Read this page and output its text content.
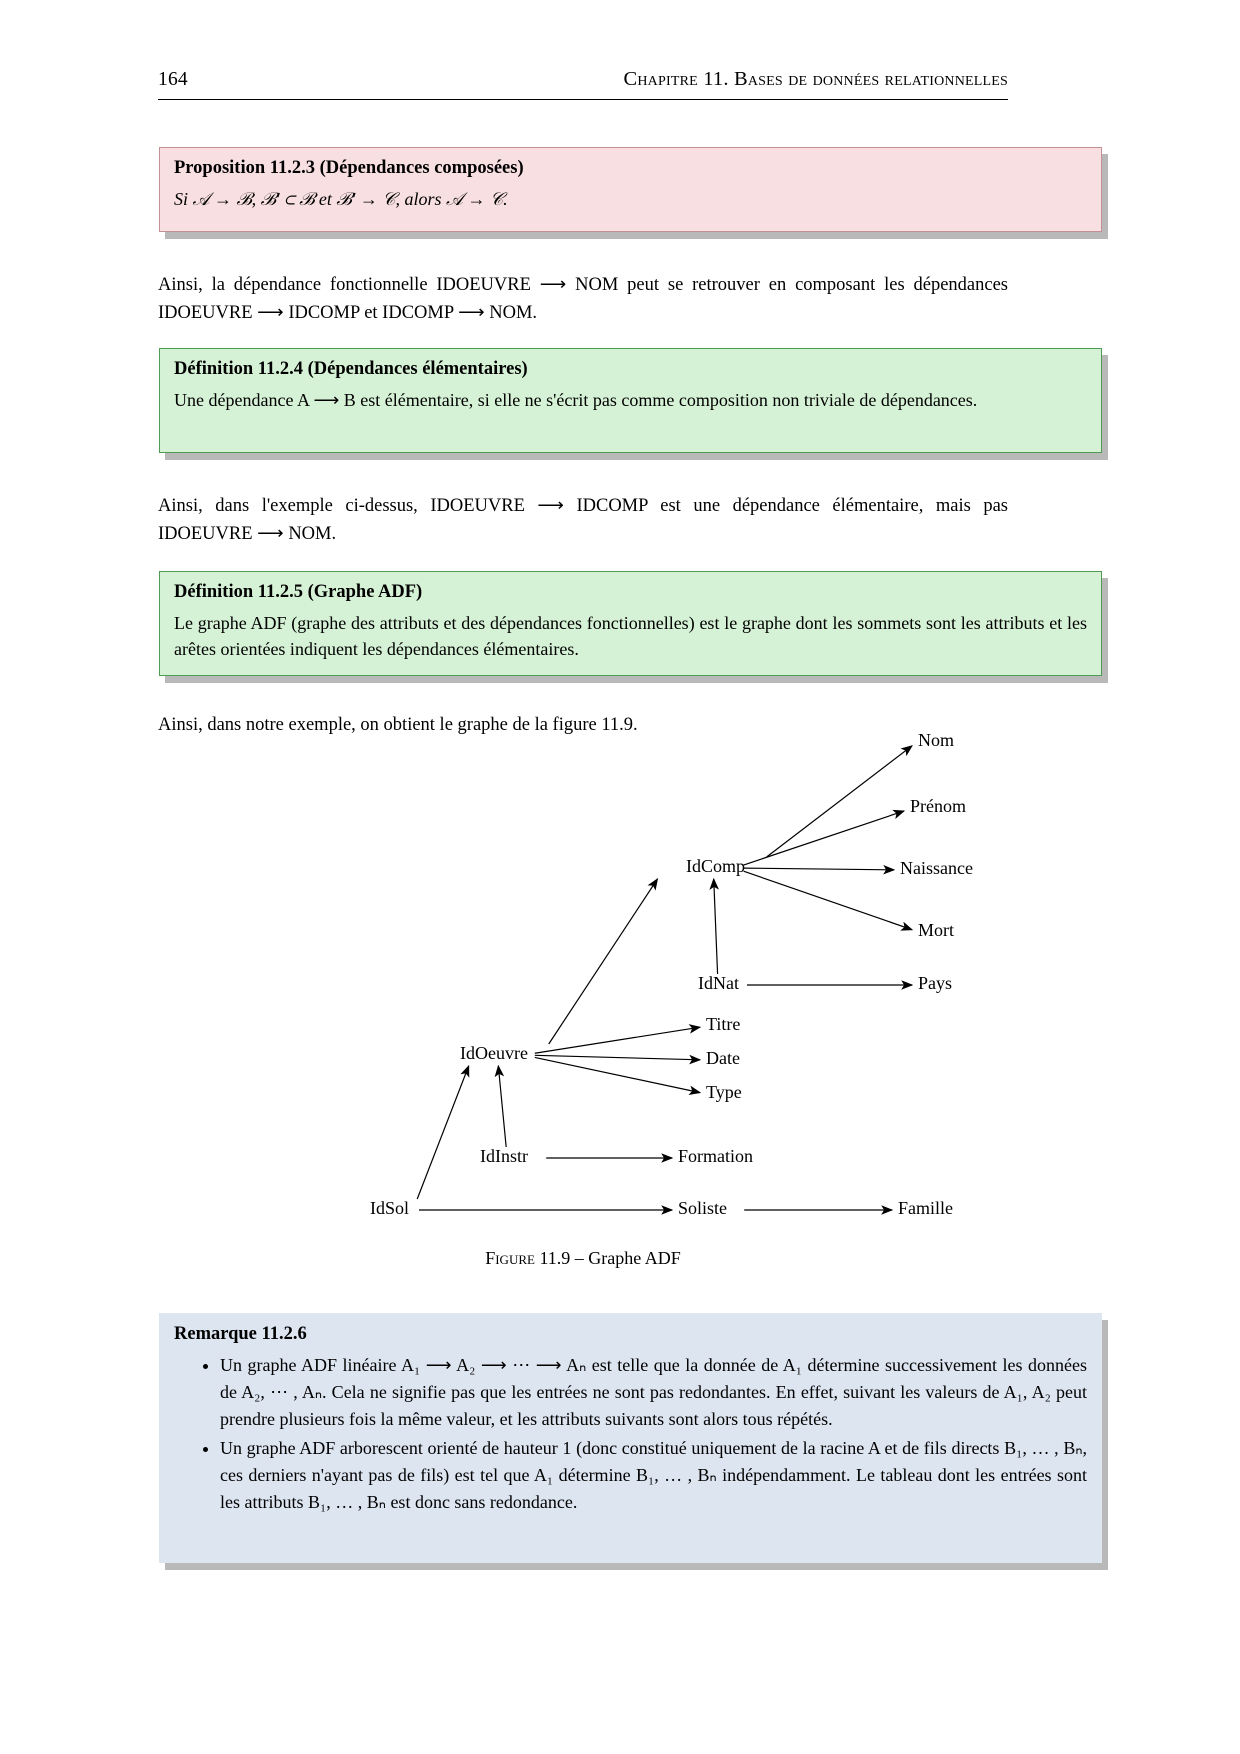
164	Chapitre 11. Bases de données relationnelles
Proposition 11.2.3 (Dépendances composées)
Si 𝒜 → ℬ, ℬ′ ⊂ ℬ et ℬ′ → 𝒞, alors 𝒜 → 𝒞.
Ainsi, la dépendance fonctionnelle IDOEUVRE ⟶ NOM peut se retrouver en composant les dépendances IDOEUVRE ⟶ IDCOMP et IDCOMP ⟶ NOM.
Définition 11.2.4 (Dépendances élémentaires)
Une dépendance A ⟶ B est élémentaire, si elle ne s'écrit pas comme composition non triviale de dépendances.
Ainsi, dans l'exemple ci-dessus, IDOEUVRE ⟶ IDCOMP est une dépendance élémentaire, mais pas IDOEUVRE ⟶ NOM.
Définition 11.2.5 (Graphe ADF)
Le graphe ADF (graphe des attributs et des dépendances fonctionnelles) est le graphe dont les sommets sont les attributs et les arêtes orientées indiquent les dépendances élémentaires.
Ainsi, dans notre exemple, on obtient le graphe de la figure 11.9.
Nom
Prénom
Naissance
Mort
IdComp
Pays
IdNat
Titre
Date
Type
IdOeuvre
IdInstr	Formation
IdSol	Soliste	Famille
Figure 11.9 – Graphe ADF
Remarque 11.2.6
• Un graphe ADF linéaire A₁ ⟶ A₂ ⟶ ⋯ ⟶ Aₙ est telle que la donnée de A₁ détermine successivement les données de A₂, ⋯ , Aₙ. Cela ne signifie pas que les entrées ne sont pas redondantes. En effet, suivant les valeurs de A₁, A₂ peut prendre plusieurs fois la même valeur, et les attributs suivants sont alors tous répétés.
• Un graphe ADF arborescent orienté de hauteur 1 (donc constitué uniquement de la racine A et de fils directs B₁, … , Bₙ, ces derniers n'ayant pas de fils) est tel que A₁ détermine B₁, … , Bₙ indépendamment. Le tableau dont les entrées sont les attributs B₁, … , Bₙ est donc sans redondance.
